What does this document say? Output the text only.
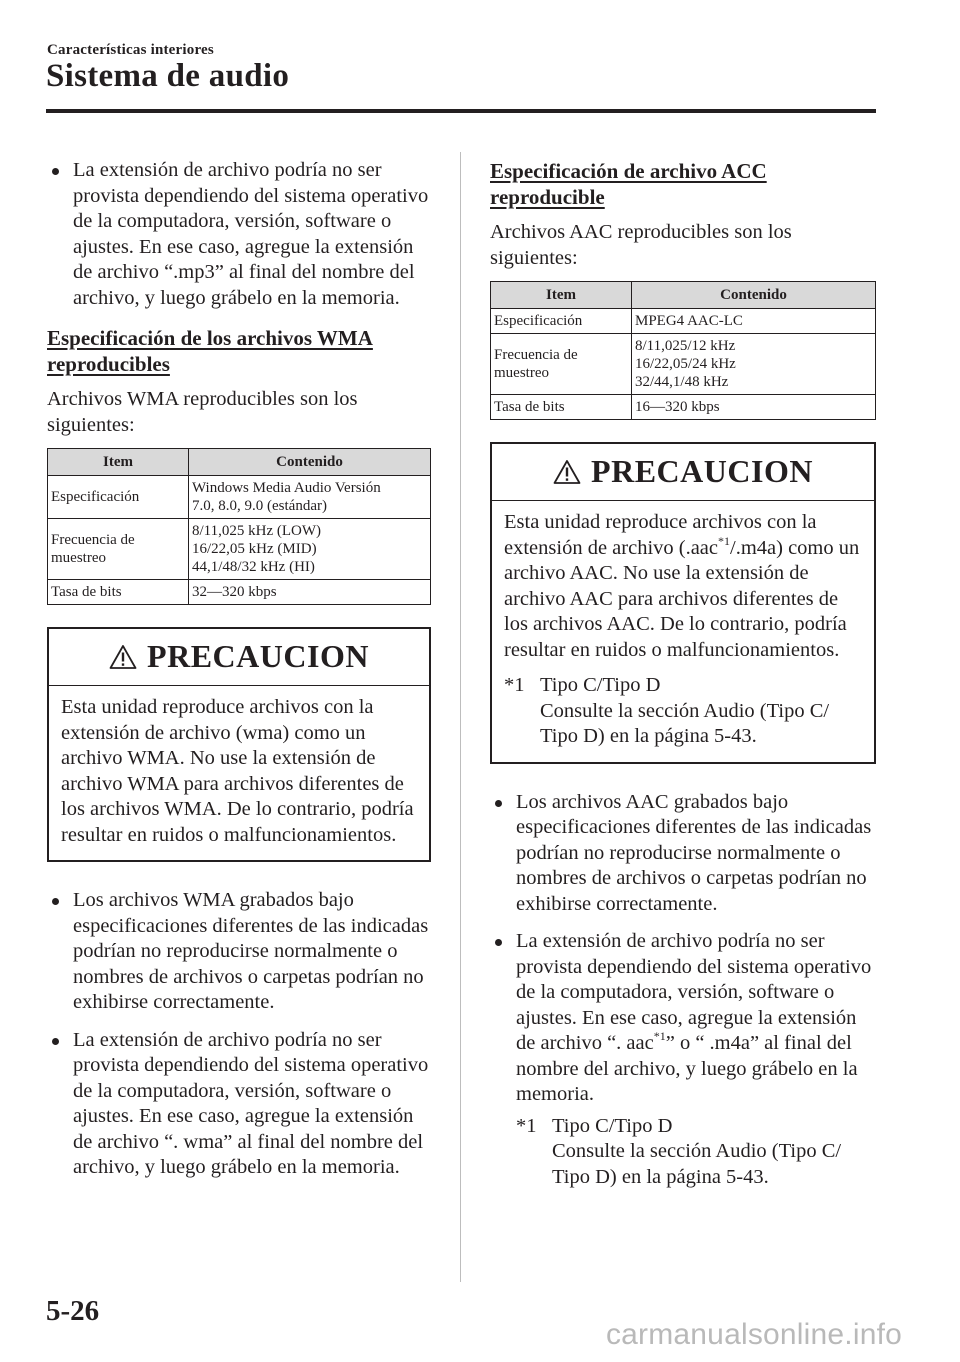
Características interiores
Sistema de audio
La extensión de archivo podría no ser provista dependiendo del sistema operativo de la computadora, versión, software o ajustes. En ese caso, agregue la extensión de archivo “.mp3” al final del nombre del archivo, y luego grábelo en la memoria.
Especificación de los archivos WMA reproducibles
Archivos WMA reproducibles son los siguientes:
Item	Contenido
Especificación	Windows Media Audio Versión
7.0, 8.0, 9.0 (estándar)
Frecuencia de
muestreo	8/11,025 kHz (LOW)
16/22,05 kHz (MID)
44,1/48/32 kHz (HI)
Tasa de bits	32―320 kbps
PRECAUCION

Esta unidad reproduce archivos con la extensión de archivo (wma) como un archivo WMA. No use la extensión de archivo WMA para archivos diferentes de los archivos WMA. De lo contrario, podría resultar en ruidos o malfuncionamientos.

Los archivos WMA grabados bajo especificaciones diferentes de las indicadas podrían no reproducirse normalmente o nombres de archivos o carpetas podrían no exhibirse correctamente.
La extensión de archivo podría no ser provista dependiendo del sistema operativo de la computadora, versión, software o ajustes. En ese caso, agregue la extensión de archivo “. wma” al final del nombre del archivo, y luego grábelo en la memoria.
Especificación de archivo ACC reproducible
Archivos AAC reproducibles son los siguientes:
Item	Contenido
Especificación	MPEG4 AAC-LC
Frecuencia de
muestreo	8/11,025/12 kHz
16/22,05/24 kHz
32/44,1/48 kHz
Tasa de bits	16―320 kbps
PRECAUCION

Esta unidad reproduce archivos con la extensión de archivo (.aac$^{*1}$/.m4a) como un archivo AAC. No use la extensión de archivo AAC para archivos diferentes de los archivos AAC. De lo contrario, podría resultar en ruidos o malfuncionamientos.

*1 Tipo C/Tipo D
Consulte la sección Audio (Tipo C/
Tipo D) en la página 5-43.
Los archivos AAC grabados bajo especificaciones diferentes de las indicadas podrían no reproducirse normalmente o nombres de archivos o carpetas podrían no exhibirse correctamente.
La extensión de archivo podría no ser provista dependiendo del sistema operativo de la computadora, versión, software o ajustes. En ese caso, agregue la extensión de archivo “. aac$^{*1}$” o “ .m4a” al final del nombre del archivo, y luego grábelo en la memoria.
*1 Tipo C/Tipo D
Consulte la sección Audio (Tipo C/
Tipo D) en la página 5-43.
5-26
carmanualsonline.info
